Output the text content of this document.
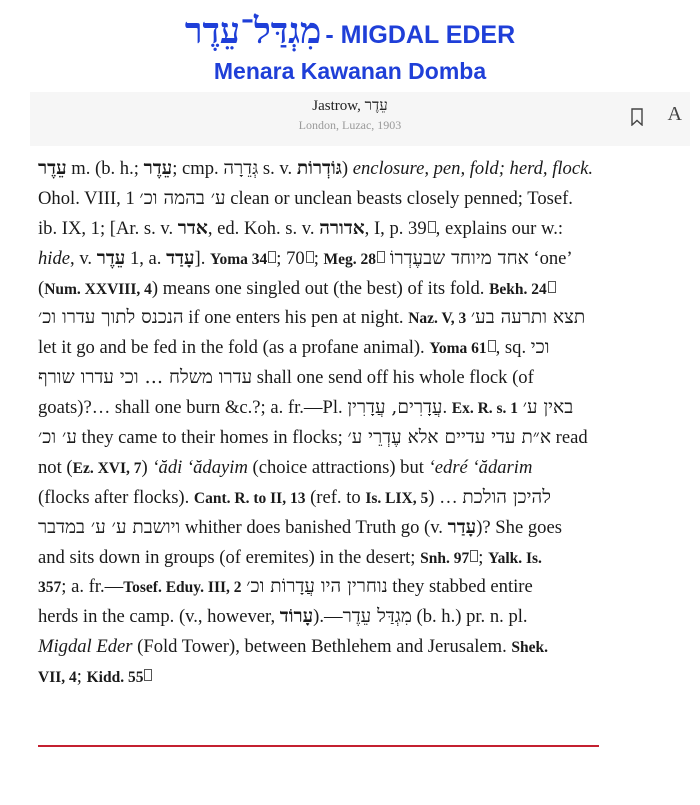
מִגְדַּל־עֵדֶר - MIGDAL EDER
Menara Kawanan Domba
Jastrow, עֵדֶר
London, Luzac, 1903	A
עֵדֶר m. (b. h.; עֵדֶר; cmp. גְּדֵרָה s. v. גּוֹדְרוֹת) enclosure, pen, fold; herd, flock.
Ohol. VIII, 1 ע׳ בהמה וכ׳ clean or unclean beasts closely penned; Tosef.
ib. IX, 1; [Ar. s. v. אדר, ed. Koh. s. v. אדורה, I, p. 39 , explains our w.:
hide, v. עֵדֶר 1, a. עָדַד]. Yoma 34 ; 70 ; Meg. 28 אחד מיוחד שבעֶדְרוֹ ‘one’
(Num. XXVIII, 4) means one singled out (the best) of its fold. Bekh. 24
הנכנס לתוך עדרו וכ׳ if one enters his pen at night. Naz. V, 3 תצא ותרעה בע׳
let it go and be fed in the fold (as a profane animal). Yoma 61 , sq. וכי
עדרו משלח … וכי עדרו שורף shall one send off his whole flock (of
goats)?… shall one burn &c.?; a. fr.—Pl. עֲדָרִים, עֲדָרִין. Ex. R. s. 1 באין ע׳
ע׳ וכ׳ they came to their homes in flocks; א״ת עדי עדיים אלא עֶדְרֵי ע׳ read
not (Ez. XVI, 7) ‘ădi ‘ădayim (choice attractions) but ‘edré ‘ădarim
(flocks after flocks). Cant. R. to II, 13 (ref. to Is. LIX, 5) … להיכן הולכת
ויושבת ע׳ ע׳ במדבר whither does banished Truth go (v. עָדַר)? She goes
and sits down in groups (of eremites) in the desert; Snh. 97 ; Yalk. Is.
357; a. fr.—Tosef. Eduy. III, 2 נוחרין היו עֲדָרוֹת וכ׳ they stabbed entire
herds in the camp. (v., however, עָרוֹד).—מִגְדַּל עֵדֶר (b. h.) pr. n. pl.
Migdal Eder (Fold Tower), between Bethlehem and Jerusalem. Shek.
VII, 4; Kidd. 55
